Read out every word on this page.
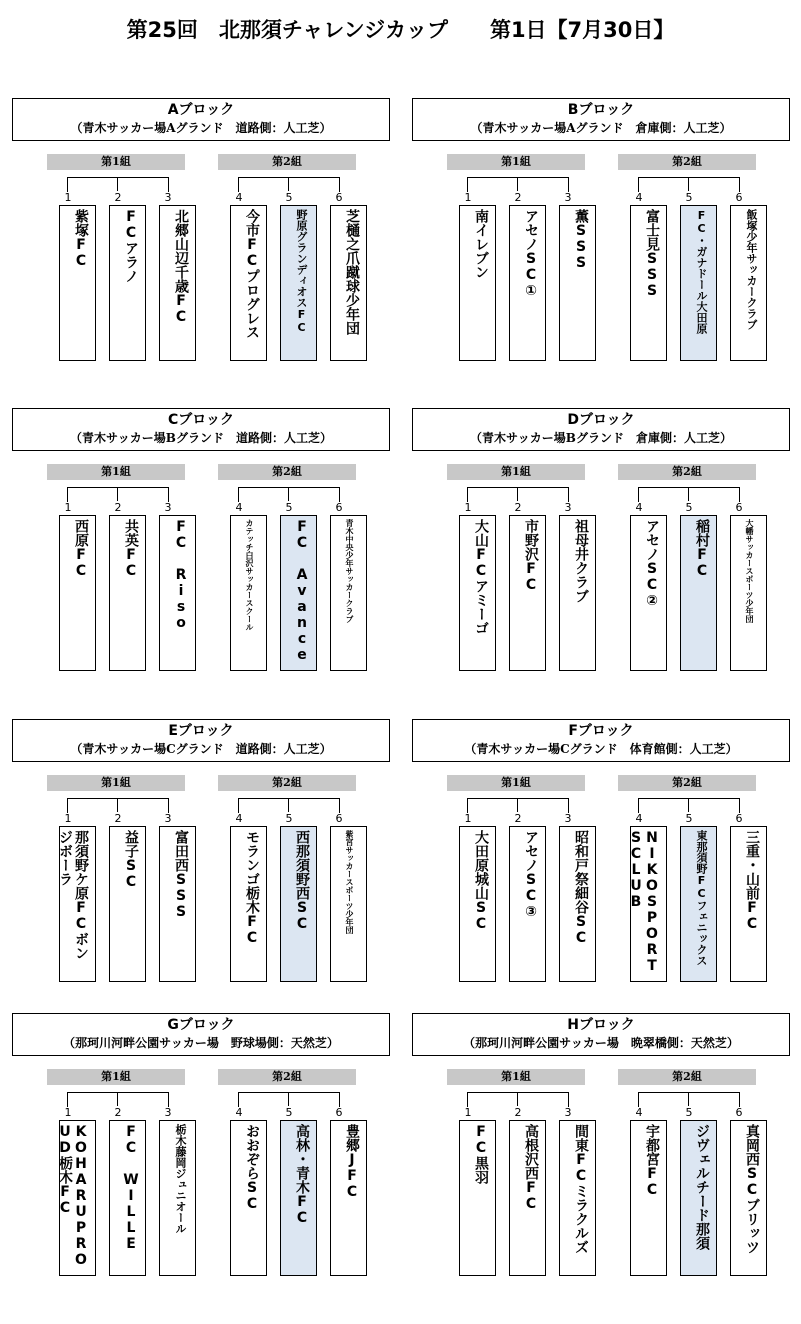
第25回　北那須チャレンジカップ　　第1日【7月30日】
Aブロック
（青木サッカー場Aグランド　道路側：人工芝）
第1組	第2組
1
紫塚FC
2
FCアラノ
3
北郷山辺千歳FC
4
今市FCプログレス
5
野原グランディオスFC
6
芝樋之爪蹴球少年団
Bブロック
（青木サッカー場Aグランド　倉庫側：人工芝）
第1組	第2組
1
南イレブン
2
アセノSC①
3
薫SSS
4
富士見SSS
5
FC・ガナドール大田原
6
飯塚少年サッカークラブ
Cブロック
（青木サッカー場Bグランド　道路側：人工芝）
第1組	第2組
1
西原FC
2
共英FC
3
FC Riso
4
カテッチ白沢サッカースクール
5
FC Avance
6
青木中央少年サッカークラブ
Dブロック
（青木サッカー場Bグランド　倉庫側：人工芝）
第1組	第2組
1
大山FCアミーゴ
2
市野沢FC
3
祖母井クラブ
4
アセノSC②
5
稲村FC
6
大幡サッカースポーツ少年団
Eブロック
（青木サッカー場Cグランド　道路側：人工芝）
第1組	第2組
1
那須野ケ原FCボン
ジボーラ
2
益子SC
3
富田西SSS
4
モランゴ栃木FC
5
西那須野西SC
6
紫宮サッカースポーツ少年団
Fブロック
（青木サッカー場Cグランド　体育館側：人工芝）
第1組	第2組
1
大田原城山SC
2
アセノSC③
3
昭和戸祭細谷SC
4
NIKOSPORT
SCLUB
5
東那須野FCフェニックス
6
三重・山前FC
Gブロック
（那珂川河畔公園サッカー場　野球場側：天然芝）
第1組	第2組
1
KOHARUPRO
UD栃木FC
2
FC WILLE
3
栃木藤岡ジュニオール
4
おおぞらSC
5
高林・青木FC
6
豊郷JFC
Hブロック
（那珂川河畔公園サッカー場　晩翠橋側：天然芝）
第1組	第2組
1
FC黒羽
2
高根沢西FC
3
間東FCミラクルズ
4
宇都宮FC
5
ジヴェルチード那須
6
真岡西SCブリッツ
